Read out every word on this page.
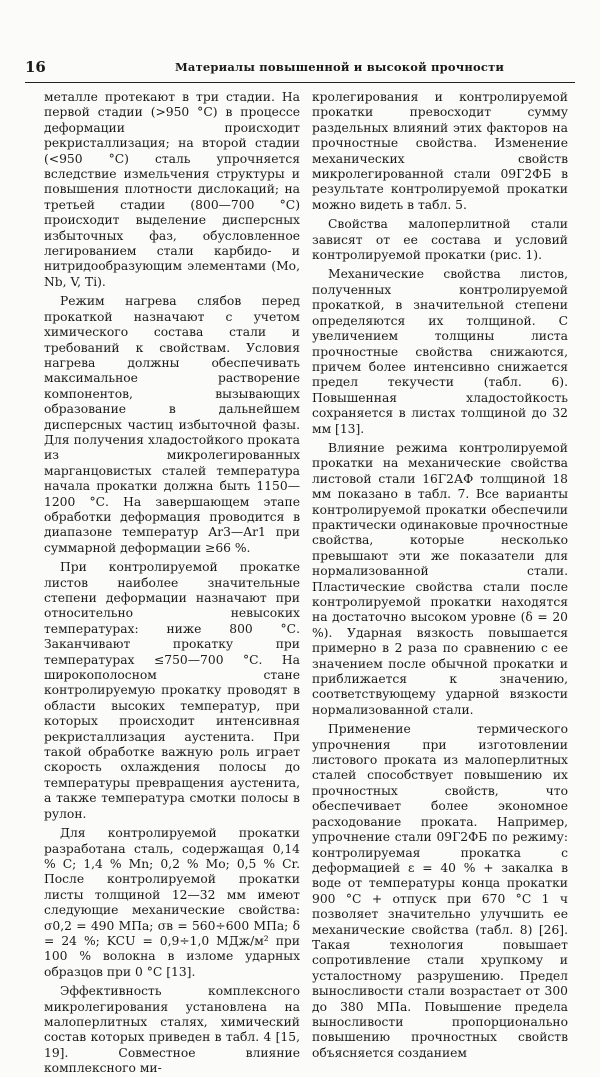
16	Материалы повышенной и высокой прочности

металле протекают в три стадии. На первой стадии (>950 °С) в процессе деформации происходит рекристаллизация; на второй стадии (<950 °С) сталь упрочняется вследствие измельчения структуры и повышения плотности дислокаций; на третьей стадии (800—700 °С) происходит выделение дисперсных избыточных фаз, обусловленное легированием стали карбидо- и нитридообразующим элементами (Mo, Nb, V, Ti).

Режим нагрева слябов перед прокаткой назначают с учетом химического состава стали и требований к свойствам. Условия нагрева должны обеспечивать максимальное растворение компонентов, вызывающих образование в дальнейшем дисперсных частиц избыточной фазы. Для получения хладостойкого проката из микролегированных марганцовистых сталей температура начала прокатки должна быть 1150—1200 °С. На завершающем этапе обработки деформация проводится в диапазоне температур Ar3—Ar1 при суммарной деформации ≥66 %.

При контролируемой прокатке листов наиболее значительные степени деформации назначают при относительно невысоких температурах: ниже 800 °С. Заканчивают прокатку при температурах ≤750—700 °С. На широкополосном стане контролируемую прокатку проводят в области высоких температур, при которых происходит интенсивная рекристаллизация аустенита. При такой обработке важную роль играет скорость охлаждения полосы до температуры превращения аустенита, а также температура смотки полосы в рулон.

Для контролируемой прокатки разработана сталь, содержащая 0,14 % С; 1,4 % Mn; 0,2 % Mo; 0,5 % Cr. После контролируемой прокатки листы толщиной 12—32 мм имеют следующие механические свойства: σ0,2 = 490 МПа; σв = 560÷600 МПа; δ = 24 %; KCU = 0,9÷1,0 МДж/м² при 100 % волокна в изломе ударных образцов при 0 °С [13].

Эффективность комплексного микролегирования установлена на малоперлитных сталях, химический состав которых приведен в табл. 4 [15, 19]. Совместное влияние комплексного ми-

кролегирования и контролируемой прокатки превосходит сумму раздельных влияний этих факторов на прочностные свойства. Изменение механических свойств микролегированной стали 09Г2ФБ в результате контролируемой прокатки можно видеть в табл. 5.

Свойства малоперлитной стали зависят от ее состава и условий контролируемой прокатки (рис. 1).

Механические свойства листов, полученных контролируемой прокаткой, в значительной степени определяются их толщиной. С увеличением толщины листа прочностные свойства снижаются, причем более интенсивно снижается предел текучести (табл. 6). Повышенная хладостойкость сохраняется в листах толщиной до 32 мм [13].

Влияние режима контролируемой прокатки на механические свойства листовой стали 16Г2АФ толщиной 18 мм показано в табл. 7. Все варианты контролируемой прокатки обеспечили практически одинаковые прочностные свойства, которые несколько превышают эти же показатели для нормализованной стали. Пластические свойства стали после контролируемой прокатки находятся на достаточно высоком уровне (δ = 20 %). Ударная вязкость повышается примерно в 2 раза по сравнению с ее значением после обычной прокатки и приближается к значению, соответствующему ударной вязкости нормализованной стали.

Применение термического упрочнения при изготовлении листового проката из малоперлитных сталей способствует повышению их прочностных свойств, что обеспечивает более экономное расходование проката. Например, упрочнение стали 09Г2ФБ по режиму: контролируемая прокатка с деформацией ε = 40 % + закалка в воде от температуры конца прокатки 900 °С + отпуск при 670 °С 1 ч позволяет значительно улучшить ее механические свойства (табл. 8) [26]. Такая технология повышает сопротивление стали хрупкому и усталостному разрушению. Предел выносливости стали возрастает от 300 до 380 МПа. Повышение предела выносливости пропорционально повышению прочностных свойств объясняется созданием
